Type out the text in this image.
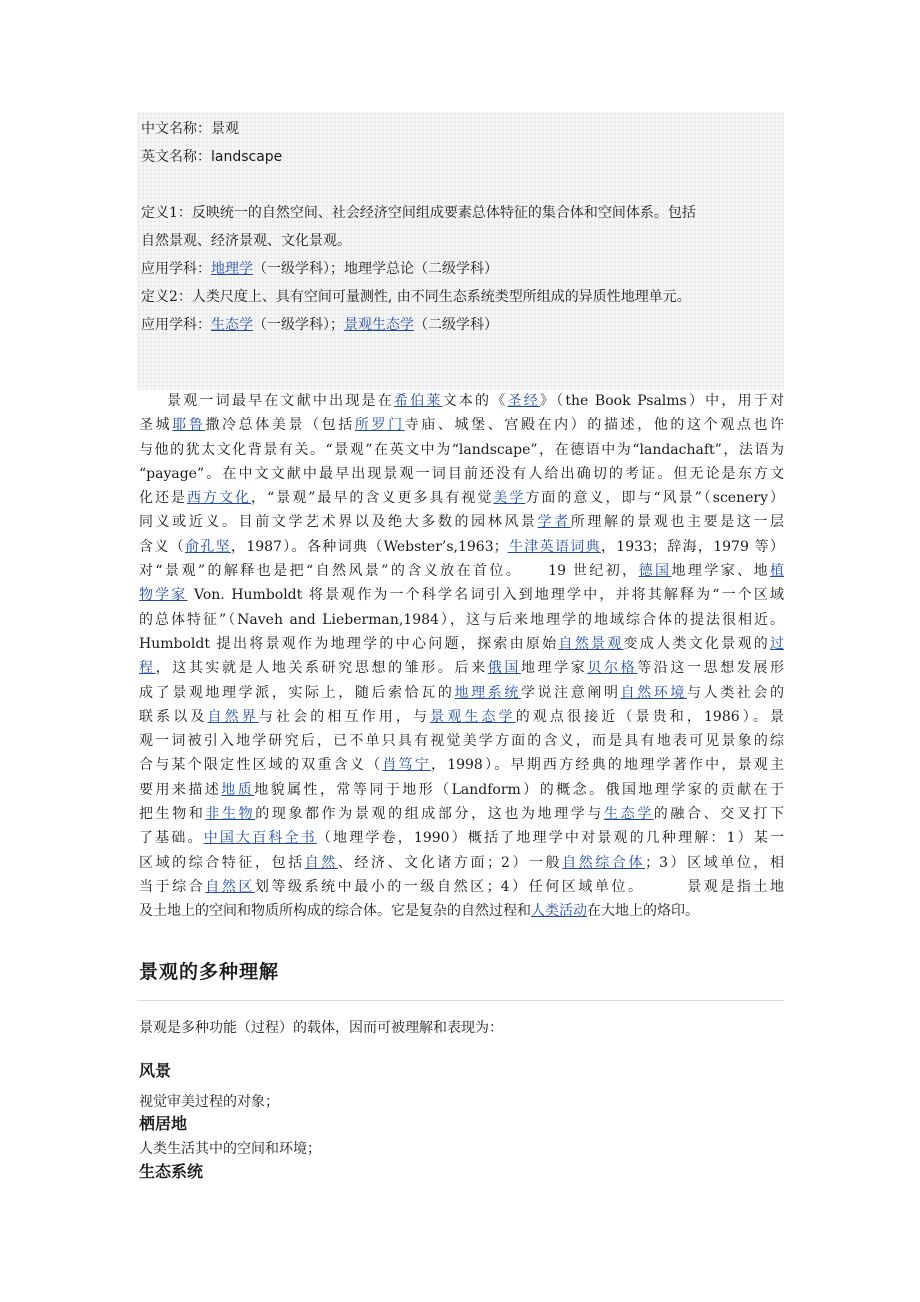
中文名称：景观
英文名称：landscape
定义1：反映统一的自然空间、社会经济空间组成要素总体特征的集合体和空间体系。包括
自然景观、经济景观、文化景观。
应用学科：地理学（一级学科）；地理学总论（二级学科）
定义2：人类尺度上、具有空间可量测性, 由不同生态系统类型所组成的异质性地理单元。
应用学科：生态学（一级学科）；景观生态学（二级学科）
景观一词最早在文献中出现是在希伯莱文本的《圣经》（the Book Psalms）中，用于对
圣城耶鲁撒冷总体美景（包括所罗门寺庙、城堡、宫殿在内）的描述，他的这个观点也许
与他的犹太文化背景有关。“景观”在英文中为“landscape”，在德语中为“landachaft”，法语为
“payage”。在中文文献中最早出现景观一词目前还没有人给出确切的考证。但无论是东方文
化还是西方文化，“景观”最早的含义更多具有视觉美学方面的意义，即与“风景”（scenery）
同义或近义。目前文学艺术界以及绝大多数的园林风景学者所理解的景观也主要是这一层
含义（俞孔坚，1987）。各种词典（Webster’s,1963；牛津英语词典，1933；辞海，1979 等）
对“景观”的解释也是把“自然风景”的含义放在首位。　　19 世纪初，德国地理学家、地植
物学家 Von. Humboldt 将景观作为一个科学名词引入到地理学中，并将其解释为“一个区域
的总体特征”（Naveh and Lieberman,1984），这与后来地理学的地域综合体的提法很相近。
Humboldt 提出将景观作为地理学的中心问题，探索由原始自然景观变成人类文化景观的过
程，这其实就是人地关系研究思想的雏形。后来俄国地理学家贝尔格等沿这一思想发展形
成了景观地理学派，实际上，随后索恰瓦的地理系统学说注意阐明自然环境与人类社会的
联系以及自然界与社会的相互作用，与景观生态学的观点很接近（景贵和，1986）。景
观一词被引入地学研究后，已不单只具有视觉美学方面的含义，而是具有地表可见景象的综
合与某个限定性区域的双重含义（肖笃宁，1998）。早期西方经典的地理学著作中，景观主
要用来描述地质地貌属性，常等同于地形（Landform）的概念。俄国地理学家的贡献在于
把生物和非生物的现象都作为景观的组成部分，这也为地理学与生态学的融合、交叉打下
了基础。中国大百科全书（地理学卷，1990）概括了地理学中对景观的几种理解：1）某一
区域的综合特征，包括自然、经济、文化诸方面；2）一般自然综合体；3）区域单位，相
当于综合自然区划等级系统中最小的一级自然区；4）任何区域单位。　　　景观是指土地
及土地上的空间和物质所构成的综合体。它是复杂的自然过程和人类活动在大地上的烙印。
景观的多种理解
景观是多种功能（过程）的载体，因而可被理解和表现为：
风景
视觉审美过程的对象；
栖居地
人类生活其中的空间和环境；
生态系统
